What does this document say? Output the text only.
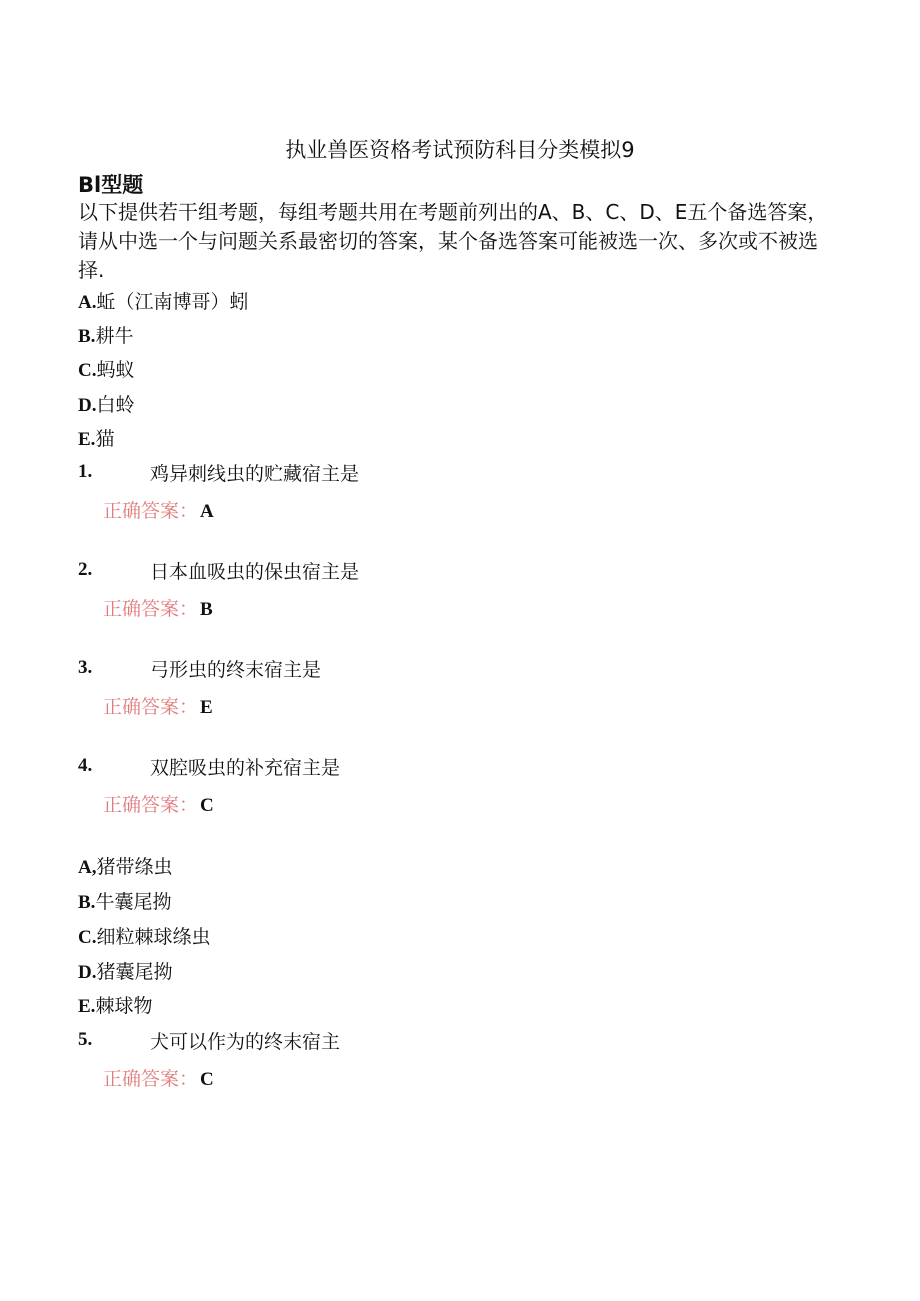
执业兽医资格考试预防科目分类模拟9
Bl型题
以下提供若干组考题，每组考题共用在考题前列出的A、B、C、D、E五个备选答案，请从中选一个与问题关系最密切的答案，某个备选答案可能被选一次、多次或不被选择.
A.蚯（江南博哥）蚓
B.耕牛
C.蚂蚁
D.白蛉
E.猫
1.	鸡异刺线虫的贮藏宿主是
正确答案： A
2.	日本血吸虫的保虫宿主是
正确答案： B
3.	弓形虫的终末宿主是
正确答案： E
4.	双腔吸虫的补充宿主是
正确答案： C
A,猪带绦虫
B.牛囊尾拗
C.细粒棘球绦虫
D.猪囊尾拗
E.棘球物
5.	犬可以作为的终末宿主
正确答案： C
